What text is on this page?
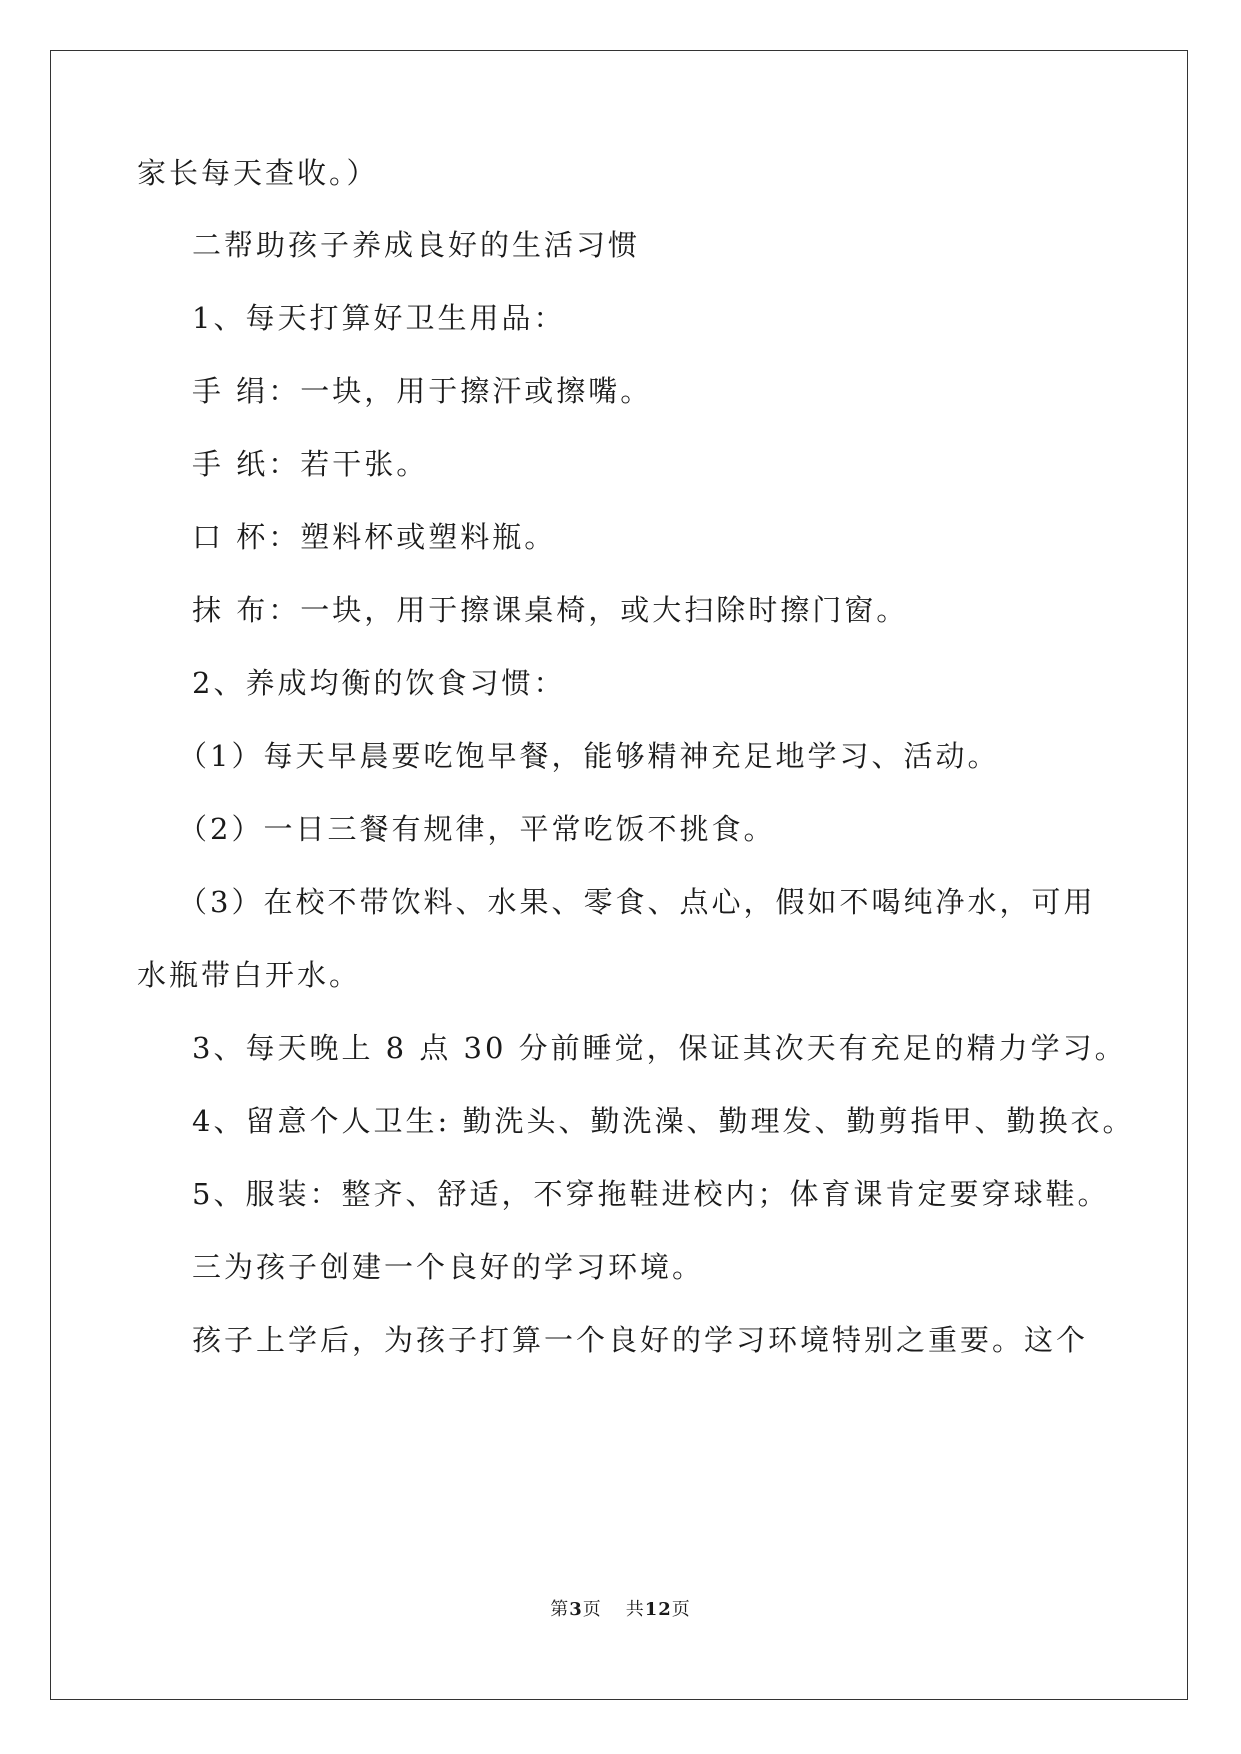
家长每天查收。）

二帮助孩子养成良好的生活习惯

1、每天打算好卫生用品：

手 绢：一块，用于擦汗或擦嘴。

手 纸：若干张。

口 杯：塑料杯或塑料瓶。

抹 布：一块，用于擦课桌椅，或大扫除时擦门窗。

2、养成均衡的饮食习惯：

（1）每天早晨要吃饱早餐，能够精神充足地学习、活动。

（2）一日三餐有规律，平常吃饭不挑食。

（3）在校不带饮料、水果、零食、点心，假如不喝纯净水，可用

水瓶带白开水。

3、每天晚上 8 点 30 分前睡觉，保证其次天有充足的精力学习。

4、留意个人卫生: 勤洗头、勤洗澡、勤理发、勤剪指甲、勤换衣。

5、服装：整齐、舒适，不穿拖鞋进校内；体育课肯定要穿球鞋。

三为孩子创建一个良好的学习环境。

孩子上学后，为孩子打算一个良好的学习环境特别之重要。这个

第3页 共12页
